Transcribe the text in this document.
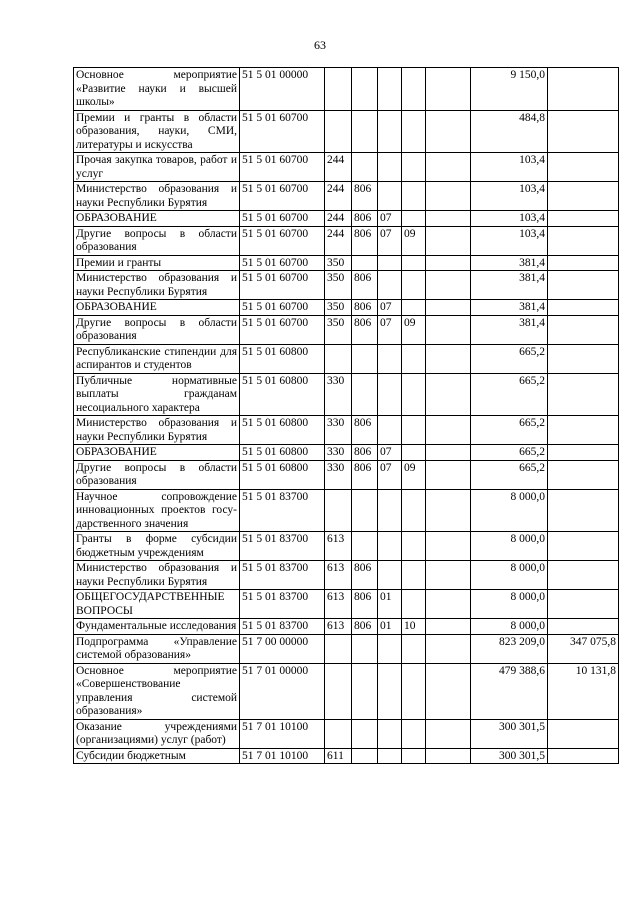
63
Основное мероприятие «Развитие науки и высшей школы»	51 5 01 00000						9 150,0	
Премии и гранты в области образования, науки, СМИ, литературы и искусства	51 5 01 60700						484,8	
Прочая закупка товаров, работ и услуг	51 5 01 60700	244					103,4	
Министерство образования и науки Республики Бурятия	51 5 01 60700	244	806				103,4	
ОБРАЗОВАНИЕ	51 5 01 60700	244	806	07			103,4	
Другие вопросы в области образования	51 5 01 60700	244	806	07	09		103,4	
Премии и гранты	51 5 01 60700	350					381,4	
Министерство образования и науки Республики Бурятия	51 5 01 60700	350	806				381,4	
ОБРАЗОВАНИЕ	51 5 01 60700	350	806	07			381,4	
Другие вопросы в области образования	51 5 01 60700	350	806	07	09		381,4	
Республиканские стипендии для аспирантов и студентов	51 5 01 60800						665,2	
Публичные нормативные выплаты гражданам несоциального характера	51 5 01 60800	330					665,2	
Министерство образования и науки Республики Бурятия	51 5 01 60800	330	806				665,2	
ОБРАЗОВАНИЕ	51 5 01 60800	330	806	07			665,2	
Другие вопросы в области образования	51 5 01 60800	330	806	07	09		665,2	
Научное сопровождение инновационных проектов госу-дарственного значения	51 5 01 83700						8 000,0	
Гранты в форме субсидии бюджетным учреждениям	51 5 01 83700	613					8 000,0	
Министерство образования и науки Республики Бурятия	51 5 01 83700	613	806				8 000,0	
ОБЩЕГОСУДАРСТВЕННЫЕ ВОПРОСЫ	51 5 01 83700	613	806	01			8 000,0	
Фундаментальные исследования	51 5 01 83700	613	806	01	10		8 000,0	
Подпрограмма «Управление системой образования»	51 7 00 00000						823 209,0	347 075,8
Основное мероприятие «Совершенствование управления системой образования»	51 7 01 00000						479 388,6	10 131,8
Оказание учреждениями (организациями) услуг (работ)	51 7 01 10100						300 301,5	
Субсидии бюджетным	51 7 01 10100	611					300 301,5	
